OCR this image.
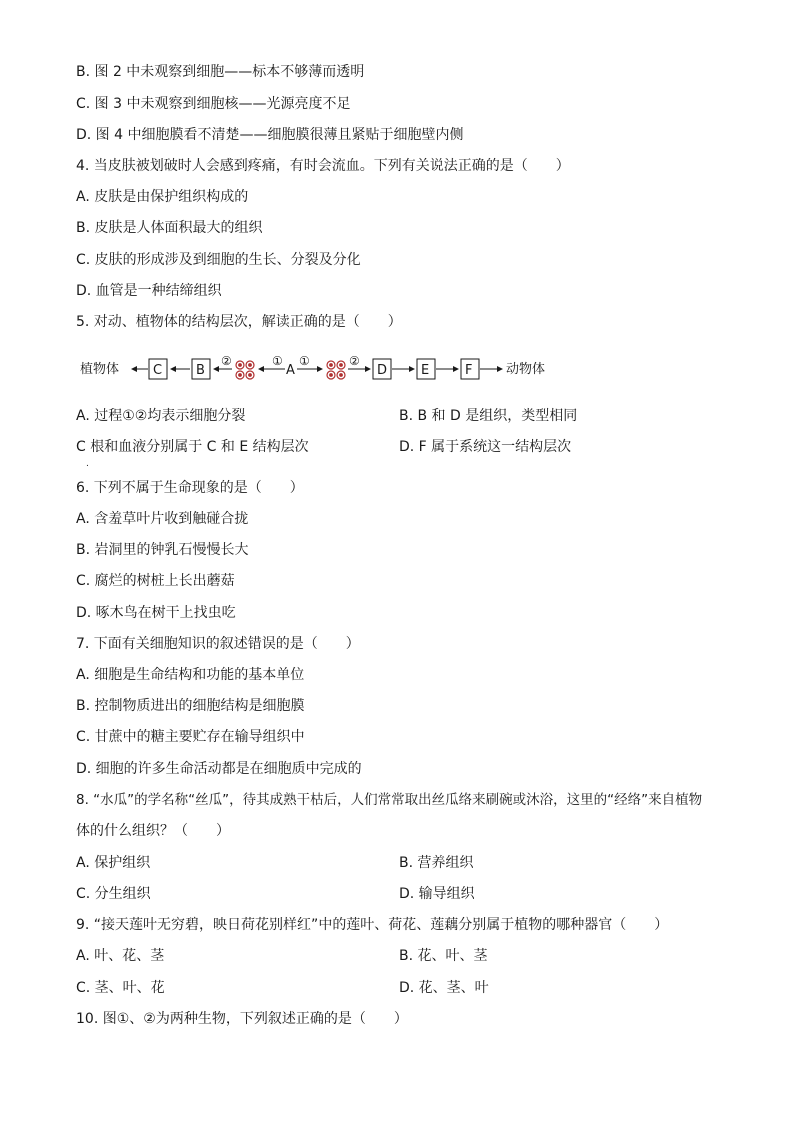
B. 图 2 中未观察到细胞——标本不够薄而透明
C. 图 3 中未观察到细胞核——光源亮度不足
D. 图 4 中细胞膜看不清楚——细胞膜很薄且紧贴于细胞壁内侧
4. 当皮肤被划破时人会感到疼痛，有时会流血。下列有关说法正确的是（　　）
A. 皮肤是由保护组织构成的
B. 皮肤是人体面积最大的组织
C. 皮肤的形成涉及到细胞的生长、分裂及分化
D. 血管是一种结缔组织
5. 对动、植物体的结构层次，解读正确的是（　　）
植物体	C	B
②	①
A
①	②
D	E	F	动物体
A. 过程①②均表示细胞分裂	B. B 和 D 是组织，类型相同
C 根和血液分别属于 C 和 E 结构层次	D. F 属于系统这一结构层次
.
6. 下列不属于生命现象的是（　　）
A. 含羞草叶片收到触碰合拢
B. 岩洞里的钟乳石慢慢长大
C. 腐烂的树桩上长出蘑菇
D. 啄木鸟在树干上找虫吃
7. 下面有关细胞知识的叙述错误的是（　　）
A. 细胞是生命结构和功能的基本单位
B. 控制物质进出的细胞结构是细胞膜
C. 甘蔗中的糖主要贮存在输导组织中
D. 细胞的许多生命活动都是在细胞质中完成的
8. “水瓜”的学名称“丝瓜”，待其成熟干枯后，人们常常取出丝瓜络来刷碗或沐浴，这里的“经络”来自植物
体的什么组织？（　　）
A. 保护组织	B. 营养组织
C. 分生组织	D. 输导组织
9. “接天莲叶无穷碧，映日荷花别样红”中的莲叶、荷花、莲藕分别属于植物的哪种器官（　　）
A. 叶、花、茎	B. 花、叶、茎
C. 茎、叶、花	D. 花、茎、叶
10. 图①、②为两种生物，下列叙述正确的是（　　）
